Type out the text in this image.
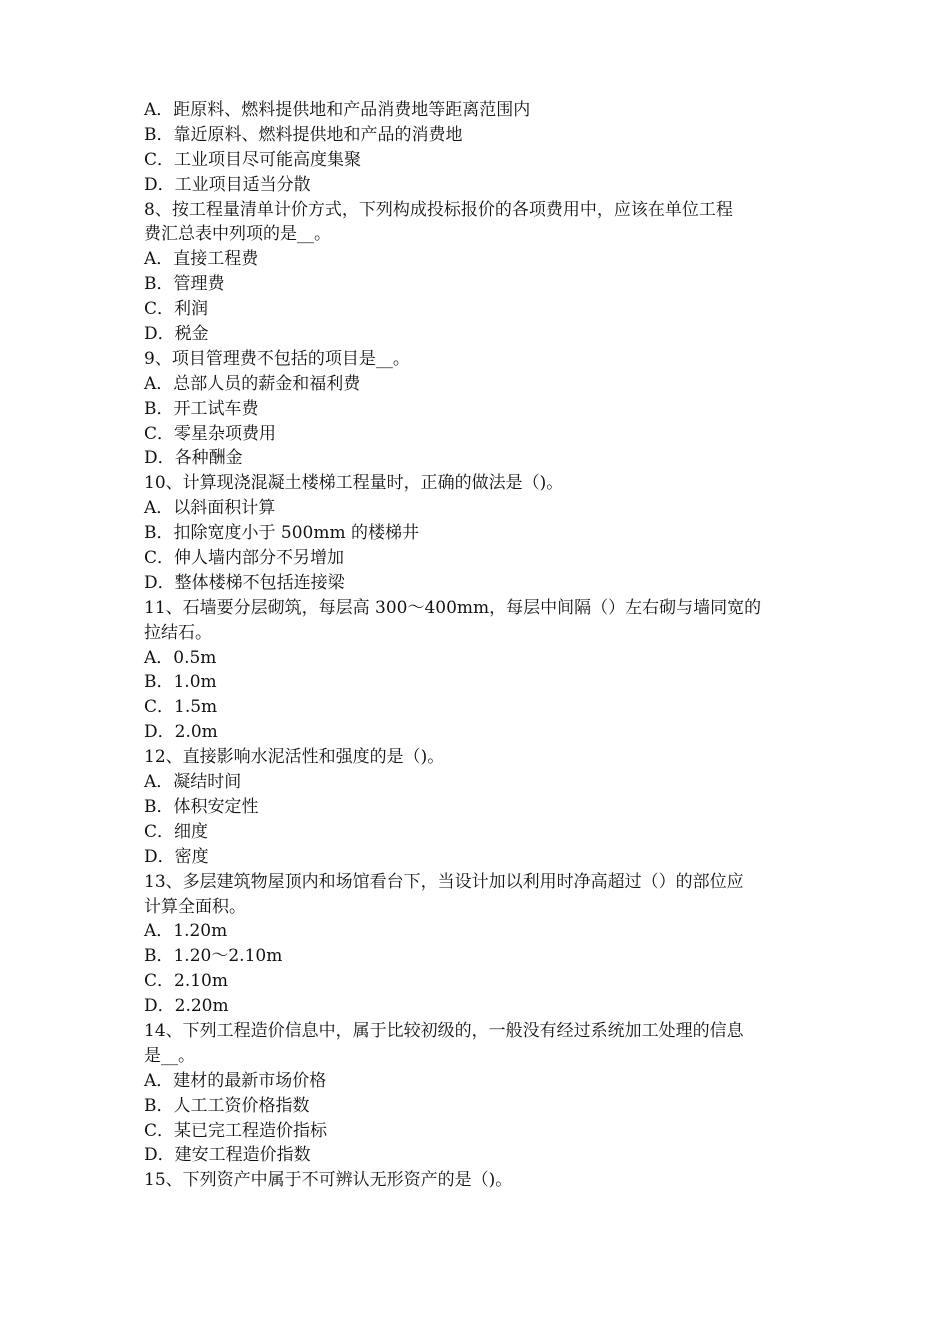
A．距原料、燃料提供地和产品消费地等距离范围内
B．靠近原料、燃料提供地和产品的消费地
C．工业项目尽可能高度集聚
D．工业项目适当分散
8、按工程量清单计价方式，下列构成投标报价的各项费用中，应该在单位工程
费汇总表中列项的是__。
A．直接工程费
B．管理费
C．利润
D．税金
9、项目管理费不包括的项目是__。
A．总部人员的薪金和福利费
B．开工试车费
C．零星杂项费用
D．各种酬金
10、计算现浇混凝土楼梯工程量时，正确的做法是（)。
A．以斜面积计算
B．扣除宽度小于 500mm 的楼梯井
C．伸人墙内部分不另增加
D．整体楼梯不包括连接梁
11、石墙要分层砌筑，每层高 300～400mm，每层中间隔（）左右砌与墙同宽的
拉结石。
A．0.5m
B．1.0m
C．1.5m
D．2.0m
12、直接影响水泥活性和强度的是（)。
A．凝结时间
B．体积安定性
C．细度
D．密度
13、多层建筑物屋顶内和场馆看台下，当设计加以利用时净高超过（）的部位应
计算全面积。
A．1.20m
B．1.20～2.10m
C．2.10m
D．2.20m
14、下列工程造价信息中，属于比较初级的，一般没有经过系统加工处理的信息
是__。
A．建材的最新市场价格
B．人工工资价格指数
C．某已完工程造价指标
D．建安工程造价指数
15、下列资产中属于不可辨认无形资产的是（)。
